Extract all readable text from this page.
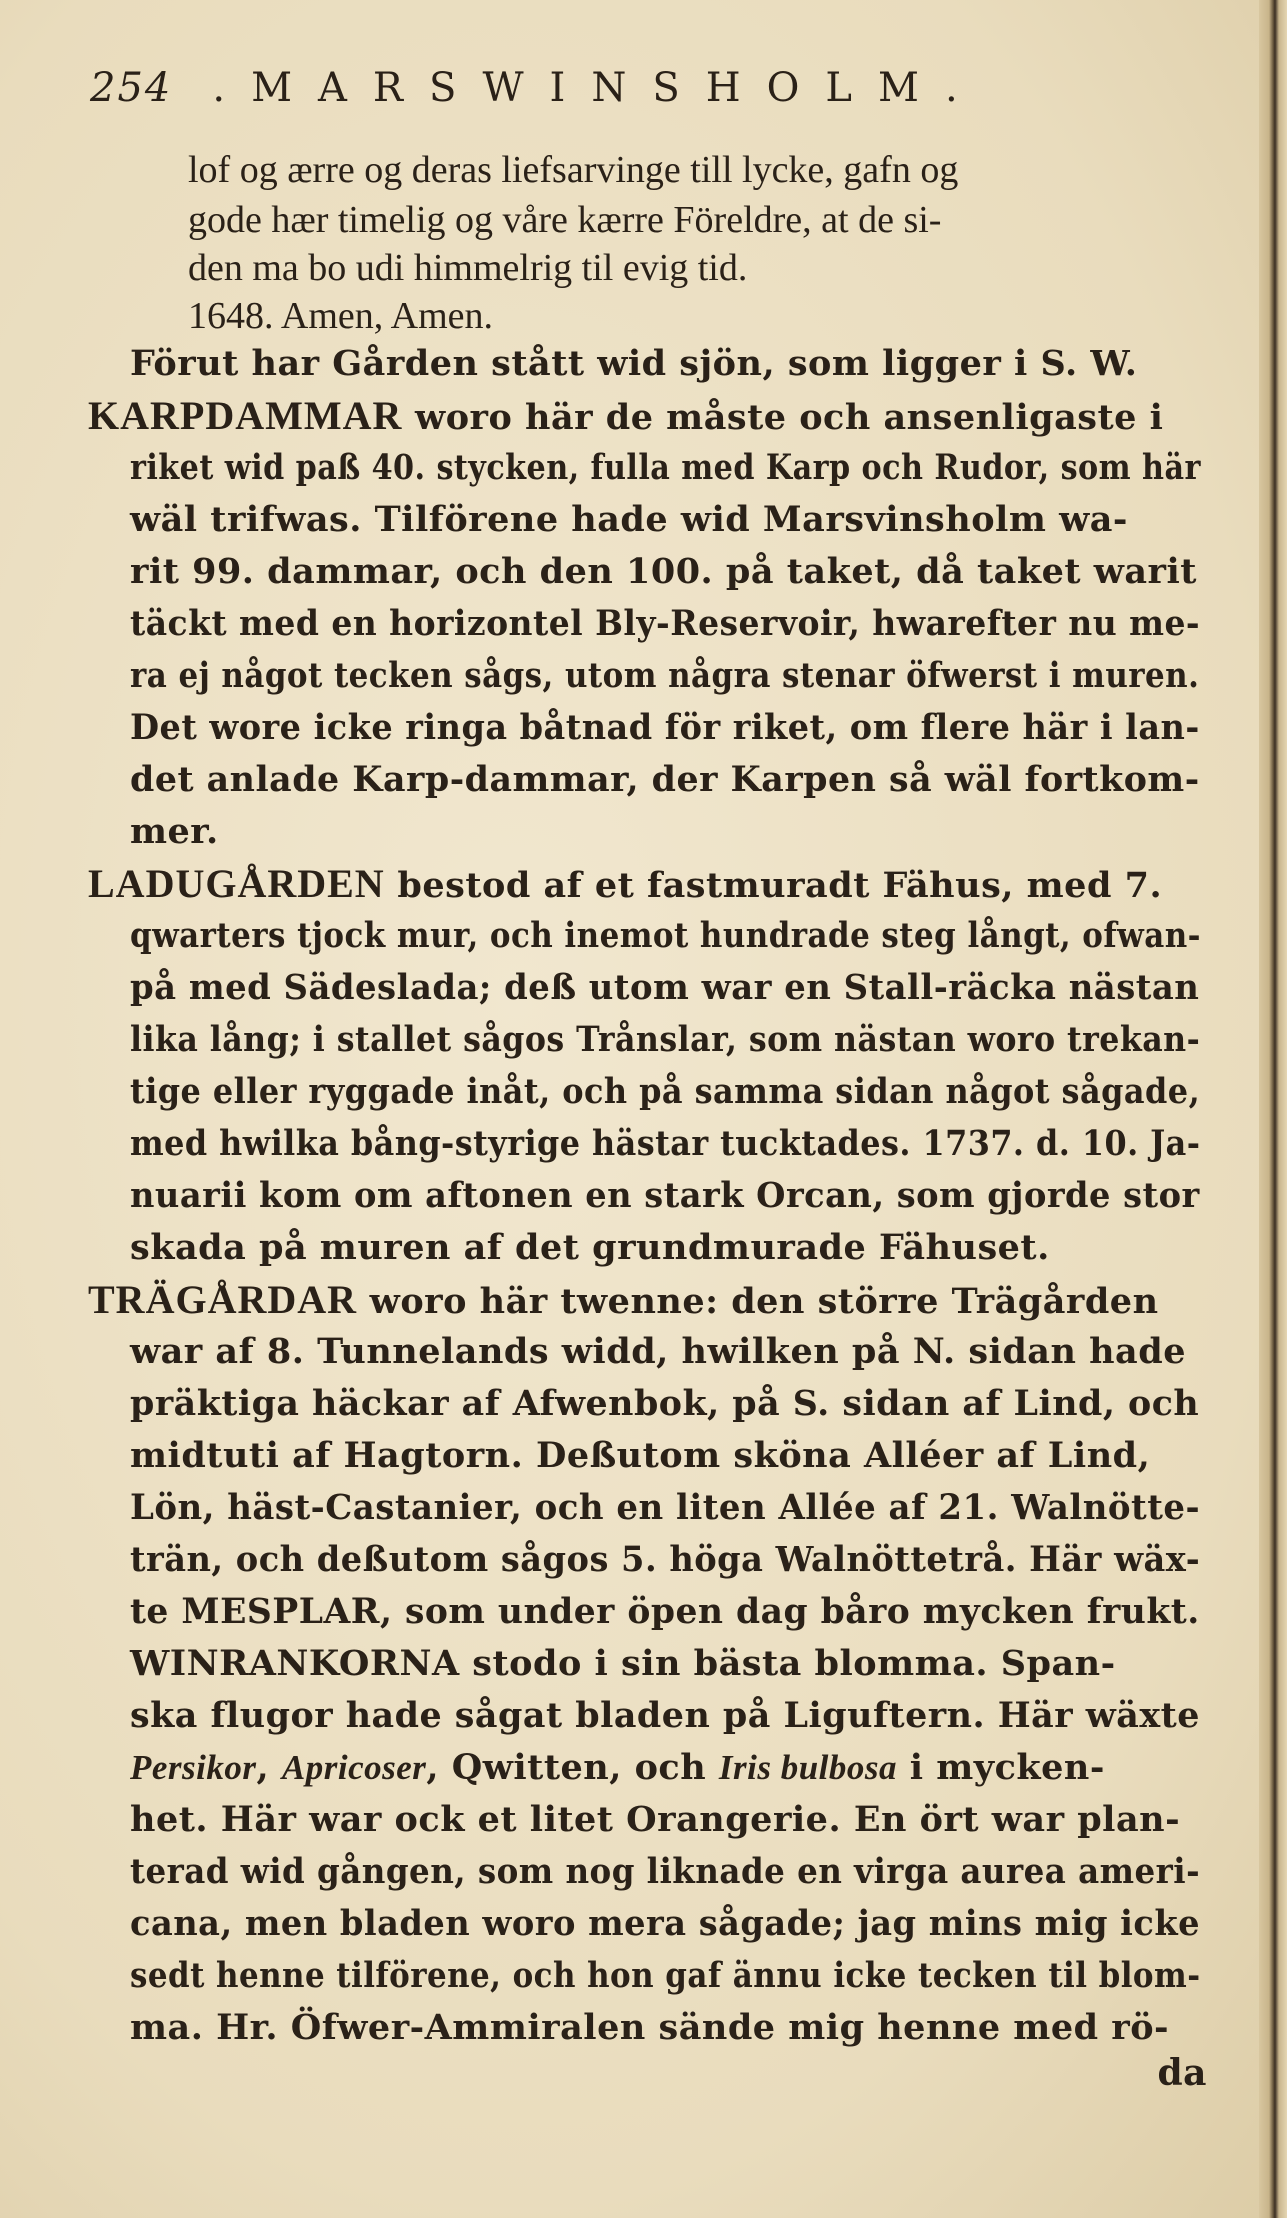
254 .MARSWINSHOLM.
lof og ærre og deras liefsarvinge till lycke, gafn og
gode hær timelig og våre kærre Föreldre, at de si-
den ma bo udi himmelrig til evig tid.
1648. Amen, Amen.
Förut har Gården stått wid sjön, som ligger i S. W.
KARPDAMMAR woro här de måste och ansenligaste i
riket wid paß 40. stycken, fulla med Karp och Rudor, som här
wäl trifwas. Tilförene hade wid Marsvinsholm wa-
rit 99. dammar, och den 100. på taket, då taket warit
täckt med en horizontel Bly-Reservoir, hwarefter nu me-
ra ej något tecken sågs, utom några stenar öfwerst i muren.
Det wore icke ringa båtnad för riket, om flere här i lan-
det anlade Karp-dammar, der Karpen så wäl fortkom-
mer.
LADUGÅRDEN bestod af et fastmuradt Fähus, med 7.
qwarters tjock mur, och inemot hundrade steg långt, ofwan-
på med Sädeslada; deß utom war en Stall-räcka nästan
lika lång; i stallet sågos Trånslar, som nästan woro trekan-
tige eller ryggade inåt, och på samma sidan något sågade,
med hwilka bång-styrige hästar tucktades. 1737. d. 10. Ja-
nuarii kom om aftonen en stark Orcan, som gjorde stor
skada på muren af det grundmurade Fähuset.
TRÄGÅRDAR woro här twenne: den större Trägården
war af 8. Tunnelands widd, hwilken på N. sidan hade
präktiga häckar af Afwenbok, på S. sidan af Lind, och
midtuti af Hagtorn. Deßutom sköna Alléer af Lind,
Lön, häst-Castanier, och en liten Allée af 21. Walnötte-
trän, och deßutom sågos 5. höga Walnöttetrå. Här wäx-
te MESPLAR, som under öpen dag båro mycken frukt.
WINRANKORNA stodo i sin bästa blomma. Span-
ska flugor hade sågat bladen på Liguftern. Här wäxte
Persikor, Apricoser, Qwitten, och Iris bulbosa i mycken-
het. Här war ock et litet Orangerie. En ört war plan-
terad wid gången, som nog liknade en virga aurea ameri-
cana, men bladen woro mera sågade; jag mins mig icke
sedt henne tilförene, och hon gaf ännu icke tecken til blom-
ma. Hr. Öfwer-Ammiralen sände mig henne med rö-
da
